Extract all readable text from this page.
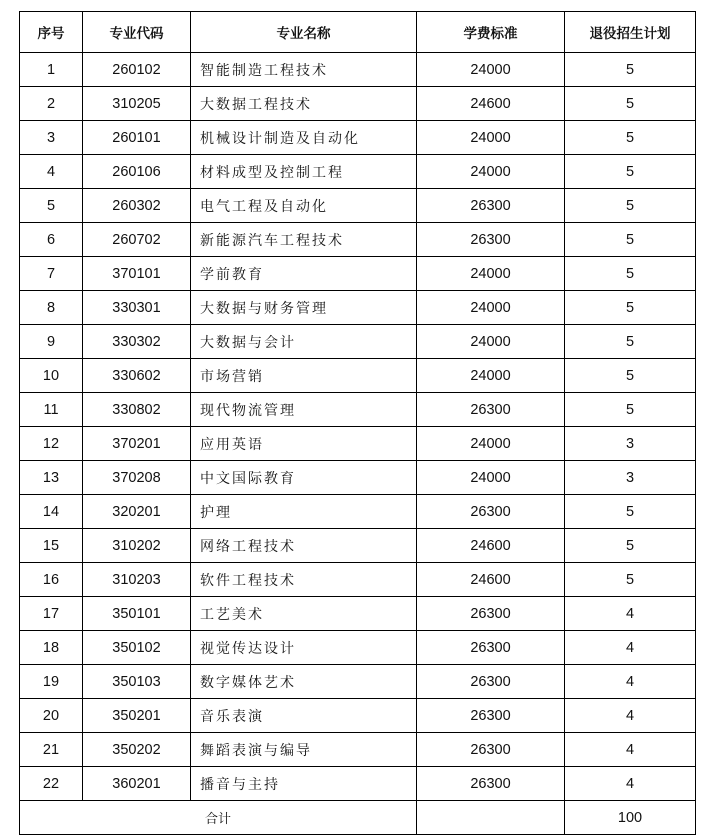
序号	专业代码	专业名称	学费标准	退役招生计划
1	260102	智能制造工程技术	24000	5
2	310205	大数据工程技术	24600	5
3	260101	机械设计制造及自动化	24000	5
4	260106	材料成型及控制工程	24000	5
5	260302	电气工程及自动化	26300	5
6	260702	新能源汽车工程技术	26300	5
7	370101	学前教育	24000	5
8	330301	大数据与财务管理	24000	5
9	330302	大数据与会计	24000	5
10	330602	市场营销	24000	5
11	330802	现代物流管理	26300	5
12	370201	应用英语	24000	3
13	370208	中文国际教育	24000	3
14	320201	护理	26300	5
15	310202	网络工程技术	24600	5
16	310203	软件工程技术	24600	5
17	350101	工艺美术	26300	4
18	350102	视觉传达设计	26300	4
19	350103	数字媒体艺术	26300	4
20	350201	音乐表演	26300	4
21	350202	舞蹈表演与编导	26300	4
22	360201	播音与主持	26300	4
合计				100
